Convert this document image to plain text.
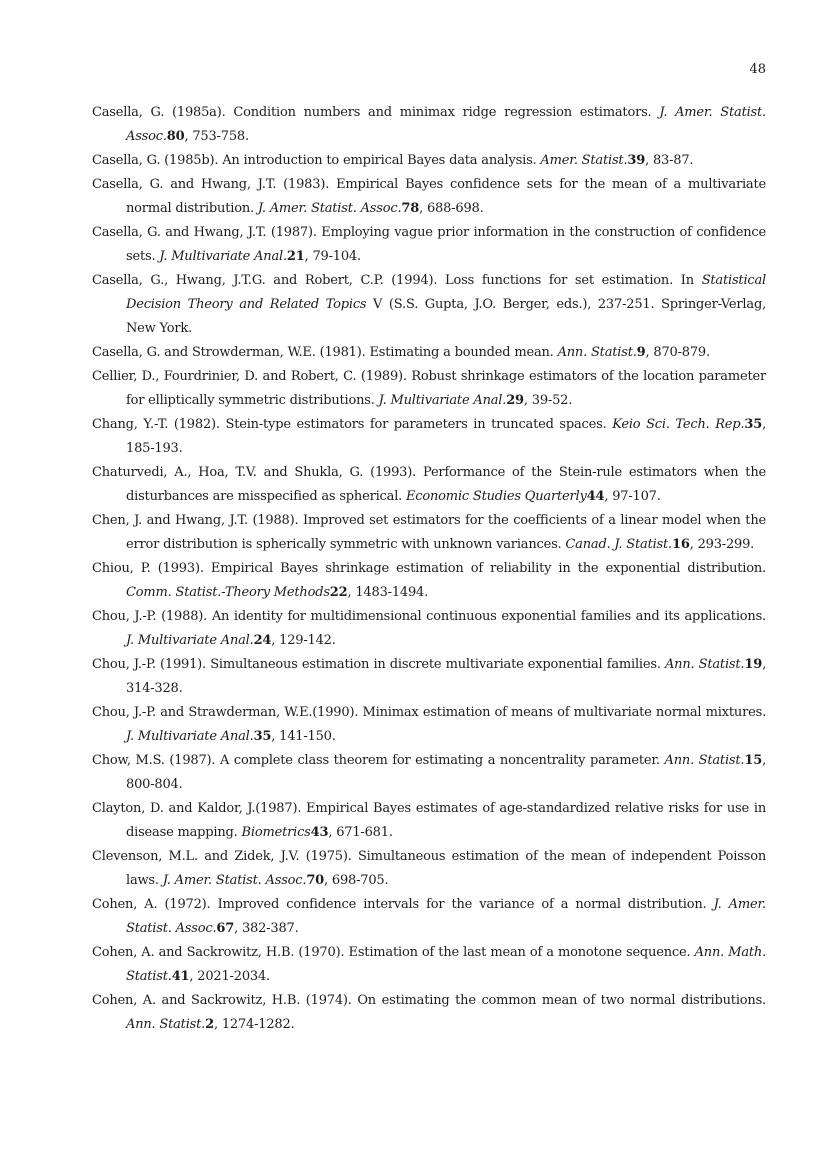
48
Casella, G. (1985a). Condition numbers and minimax ridge regression estimators. J. Amer. Statist. Assoc.80, 753-758.
Casella, G. (1985b). An introduction to empirical Bayes data analysis. Amer. Statist.39, 83-87.
Casella, G. and Hwang, J.T. (1983). Empirical Bayes confidence sets for the mean of a multivariate normal distribution. J. Amer. Statist. Assoc.78, 688-698.
Casella, G. and Hwang, J.T. (1987). Employing vague prior information in the construction of confidence sets. J. Multivariate Anal.21, 79-104.
Casella, G., Hwang, J.T.G. and Robert, C.P. (1994). Loss functions for set estimation. In Statistical Decision Theory and Related Topics V (S.S. Gupta, J.O. Berger, eds.), 237-251. Springer-Verlag, New York.
Casella, G. and Strowderman, W.E. (1981). Estimating a bounded mean. Ann. Statist.9, 870-879.
Cellier, D., Fourdrinier, D. and Robert, C. (1989). Robust shrinkage estimators of the location parameter for elliptically symmetric distributions. J. Multivariate Anal.29, 39-52.
Chang, Y.-T. (1982). Stein-type estimators for parameters in truncated spaces. Keio Sci. Tech. Rep.35, 185-193.
Chaturvedi, A., Hoa, T.V. and Shukla, G. (1993). Performance of the Stein-rule estimators when the disturbances are misspecified as spherical. Economic Studies Quarterly44, 97-107.
Chen, J. and Hwang, J.T. (1988). Improved set estimators for the coefficients of a linear model when the error distribution is spherically symmetric with unknown variances. Canad. J. Statist.16, 293-299.
Chiou, P. (1993). Empirical Bayes shrinkage estimation of reliability in the exponential distribution. Comm. Statist.-Theory Methods22, 1483-1494.
Chou, J.-P. (1988). An identity for multidimensional continuous exponential families and its applications. J. Multivariate Anal.24, 129-142.
Chou, J.-P. (1991). Simultaneous estimation in discrete multivariate exponential families. Ann. Statist.19, 314-328.
Chou, J.-P. and Strawderman, W.E.(1990). Minimax estimation of means of multivariate normal mixtures. J. Multivariate Anal.35, 141-150.
Chow, M.S. (1987). A complete class theorem for estimating a noncentrality parameter. Ann. Statist.15, 800-804.
Clayton, D. and Kaldor, J.(1987). Empirical Bayes estimates of age-standardized relative risks for use in disease mapping. Biometrics43, 671-681.
Clevenson, M.L. and Zidek, J.V. (1975). Simultaneous estimation of the mean of independent Poisson laws. J. Amer. Statist. Assoc.70, 698-705.
Cohen, A. (1972). Improved confidence intervals for the variance of a normal distribution. J. Amer. Statist. Assoc.67, 382-387.
Cohen, A. and Sackrowitz, H.B. (1970). Estimation of the last mean of a monotone sequence. Ann. Math. Statist.41, 2021-2034.
Cohen, A. and Sackrowitz, H.B. (1974). On estimating the common mean of two normal distributions. Ann. Statist.2, 1274-1282.
